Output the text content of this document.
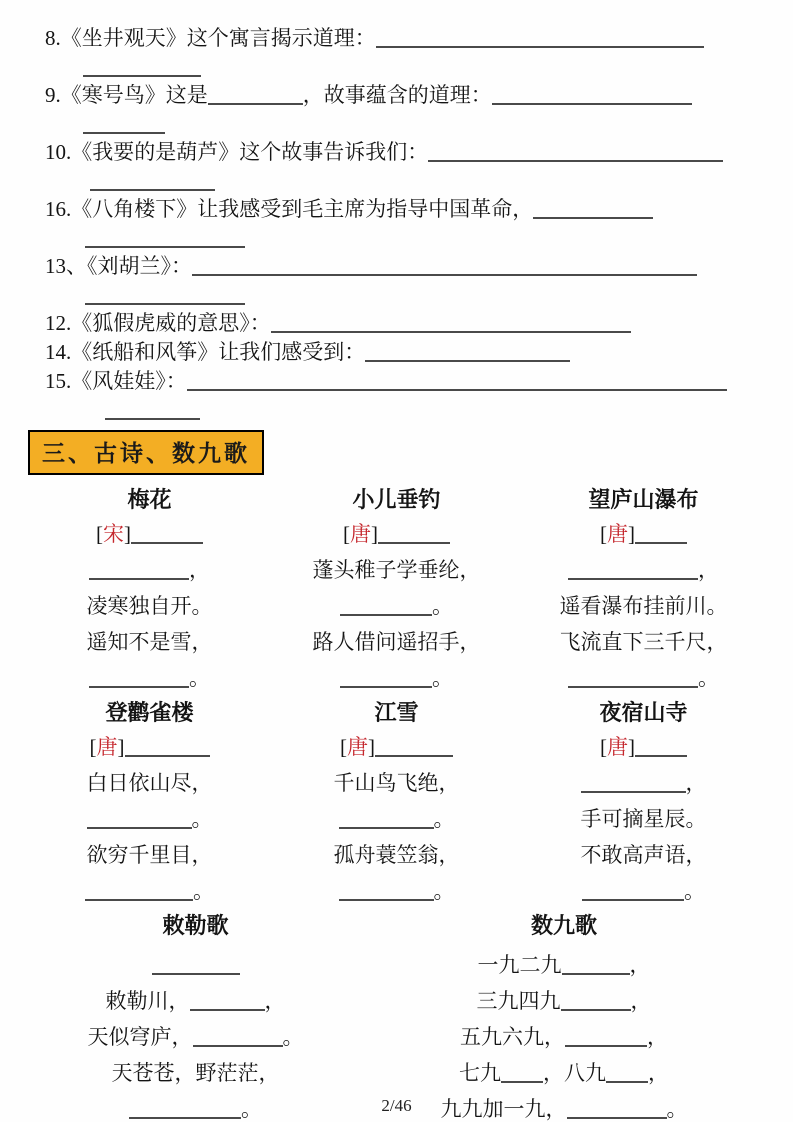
8.《坐井观天》这个寓言揭示道理：
9.《寒号鸟》这是	，故事蕴含的道理：
10.《我要的是葫芦》这个故事告诉我们：
16.《八角楼下》让我感受到毛主席为指导中国革命，
13、《刘胡兰》：
12.《狐假虎威的意思》：
14.《纸船和风筝》让我们感受到：
15.《风娃娃》：
三、古诗、数九歌
梅花
[宋]
，
凌寒独自开。
遥知不是雪，
。
小儿垂钓
[唐]
蓬头稚子学垂纶，
。
路人借问遥招手，
。
望庐山瀑布
[唐]
，
遥看瀑布挂前川。
飞流直下三千尺，
。
登鹳雀楼
[唐]
白日依山尽，
。
欲穷千里目，
。
江雪
[唐]
千山鸟飞绝，
。
孤舟蓑笠翁，
。
夜宿山寺
[唐]
，
手可摘星辰。
不敢高声语，
。
敕勒歌
敕勒川，	，
天似穹庐，	。
天苍苍，野茫茫，
。
数九歌
一九二九	，
三九四九	，
五九六九，	，
七九 ，八九 ，
九九加一九，	。
2/46
